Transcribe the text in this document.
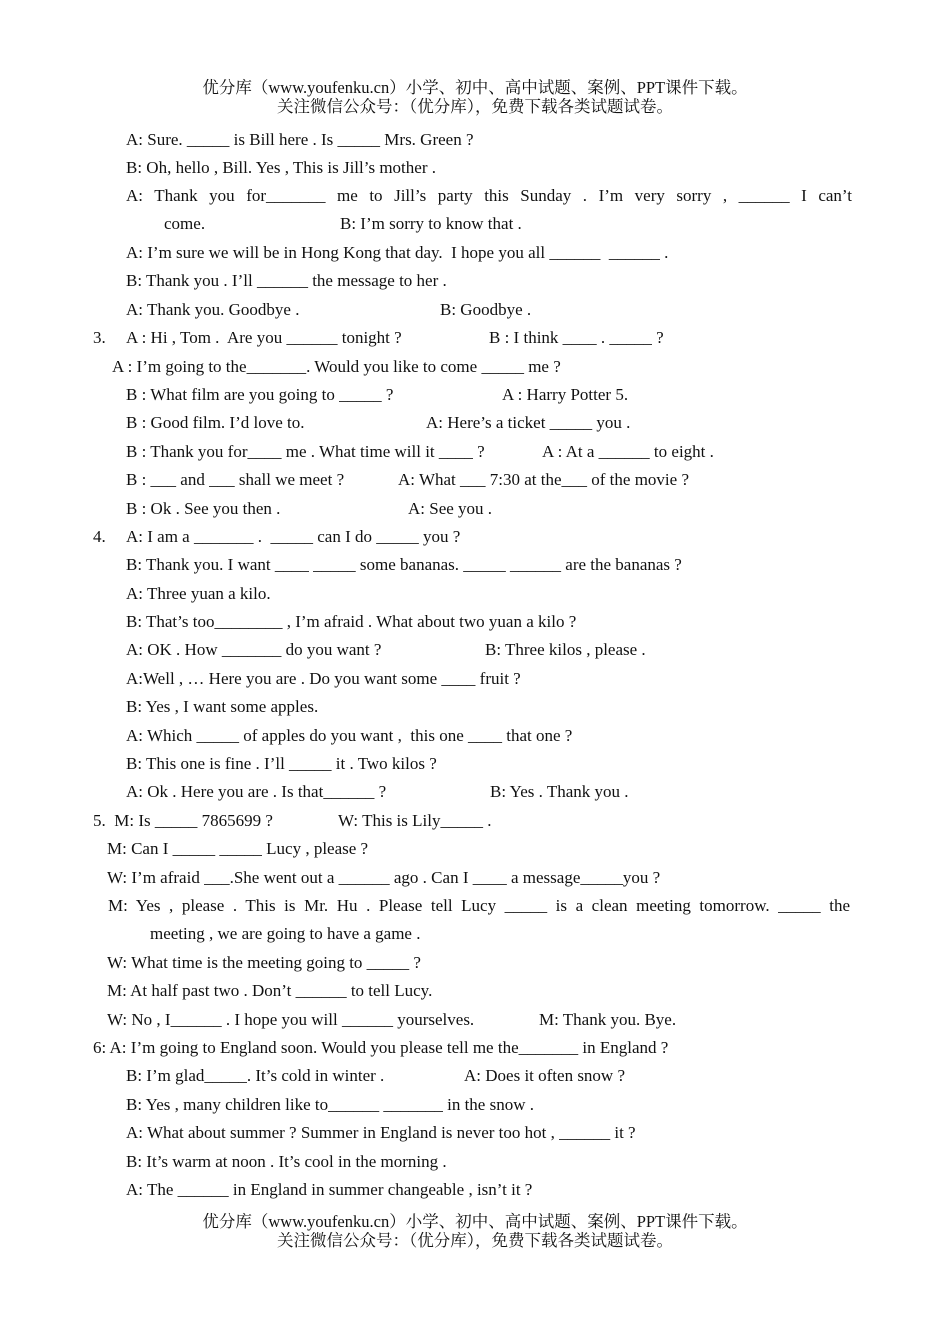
优分库（www.youfenku.cn）小学、初中、高中试题、案例、PPT课件下载。
关注微信公众号：（优分库），免费下载各类试题试卷。
A: Sure. _____ is Bill here . Is _____ Mrs. Green ?
B: Oh, hello , Bill. Yes , This is Jill’s mother .
A: Thank you for_______ me to Jill’s party this Sunday . I’m very sorry , ______ I can’t
come.	B: I’m sorry to know that .
A: I’m sure we will be in Hong Kong that day.  I hope you all ______  ______ .
B: Thank you . I’ll ______ the message to her .
A: Thank you. Goodbye .	B: Goodbye .
3. A : Hi , Tom .  Are you ______ tonight ?	B : I think ____ . _____ ?
A : I’m going to the_______. Would you like to come _____ me ?
B : What film are you going to _____ ?	A : Harry Potter 5.
B : Good film. I’d love to.	A: Here’s a ticket _____ you .
B : Thank you for____ me . What time will it ____ ?	A : At a ______ to eight .
B : ___ and ___ shall we meet ?	A: What ___ 7:30 at the___ of the movie ?
B : Ok . See you then .	A: See you .
4. A: I am a _______ .  _____ can I do _____ you ?
B: Thank you. I want ____ _____ some bananas. _____ ______ are the bananas ?
A: Three yuan a kilo.
B: That’s too________ , I’m afraid . What about two yuan a kilo ?
A: OK . How _______ do you want ?	B: Three kilos , please .
A:Well , … Here you are . Do you want some ____ fruit ?
B: Yes , I want some apples.
A: Which _____ of apples do you want ,  this one ____ that one ?
B: This one is fine . I’ll _____ it . Two kilos ?
A: Ok . Here you are . Is that______ ?	B: Yes . Thank you .
5.  M: Is _____ 7865699 ?	W: This is Lily_____ .
M: Can I _____ _____ Lucy , please ?
W: I’m afraid ___.She went out a ______ ago . Can I ____ a message_____you ?
M: Yes , please . This is Mr. Hu . Please tell Lucy _____ is a clean meeting tomorrow. _____ the
meeting , we are going to have a game .
W: What time is the meeting going to _____ ?
M: At half past two . Don’t ______ to tell Lucy.
W: No , I______ . I hope you will ______ yourselves.	M: Thank you. Bye.
6: A: I’m going to England soon. Would you please tell me the_______ in England ?
B: I’m glad_____. It’s cold in winter .	A: Does it often snow ?
B: Yes , many children like to______ _______ in the snow .
A: What about summer ? Summer in England is never too hot , ______ it ?
B: It’s warm at noon . It’s cool in the morning .
A: The ______ in England in summer changeable , isn’t it ?
优分库（www.youfenku.cn）小学、初中、高中试题、案例、PPT课件下载。
关注微信公众号：（优分库），免费下载各类试题试卷。
